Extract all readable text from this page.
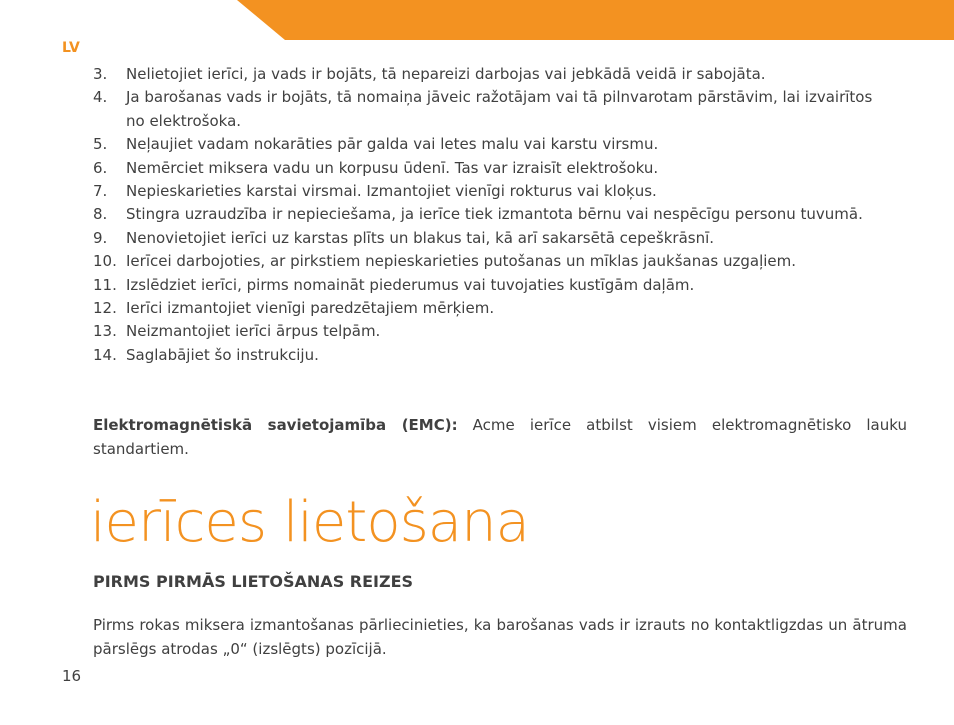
LV
3.	Nelietojiet ierīci, ja vads ir bojāts, tā nepareizi darbojas vai jebkādā veidā ir sabojāta.
4.	Ja barošanas vads ir bojāts, tā nomaiņa jāveic ražotājam vai tā pilnvarotam pārstāvim, lai izvairītos no elektrošoka.
5.	Neļaujiet vadam nokarāties pār galda vai letes malu vai karstu virsmu.
6.	Nemērciet miksera vadu un korpusu ūdenī. Tas var izraisīt elektrošoku.
7.	Nepieskarieties karstai virsmai. Izmantojiet vienīgi rokturus vai kloķus.
8.	Stingra uzraudzība ir nepieciešama, ja ierīce tiek izmantota bērnu vai nespēcīgu personu tuvumā.
9.	Nenovietojiet ierīci uz karstas plīts un blakus tai, kā arī sakarsētā cepeškrāsnī.
10. Ierīcei darbojoties, ar pirkstiem nepieskarieties putošanas un mīklas jaukšanas uzgaļiem.
11. Izslēdziet ierīci, pirms nomaināt piederumus vai tuvojaties kustīgām daļām.
12. Ierīci izmantojiet vienīgi paredzētajiem mērķiem.
13. Neizmantojiet ierīci ārpus telpām.
14. Saglabājiet šo instrukciju.

Elektromagnētiskā savietojamība (EMC): Acme ierīce atbilst visiem elektromagnētisko lauku standartiem.

ierīces lietošana
PIRMS PIRMĀS LIETOŠANAS REIZES

Pirms rokas miksera izmantošanas pārliecinieties, ka barošanas vads ir izrauts no kontaktligzdas un ātruma pārslēgs atrodas „0“ (izslēgts) pozīcijā.

16
